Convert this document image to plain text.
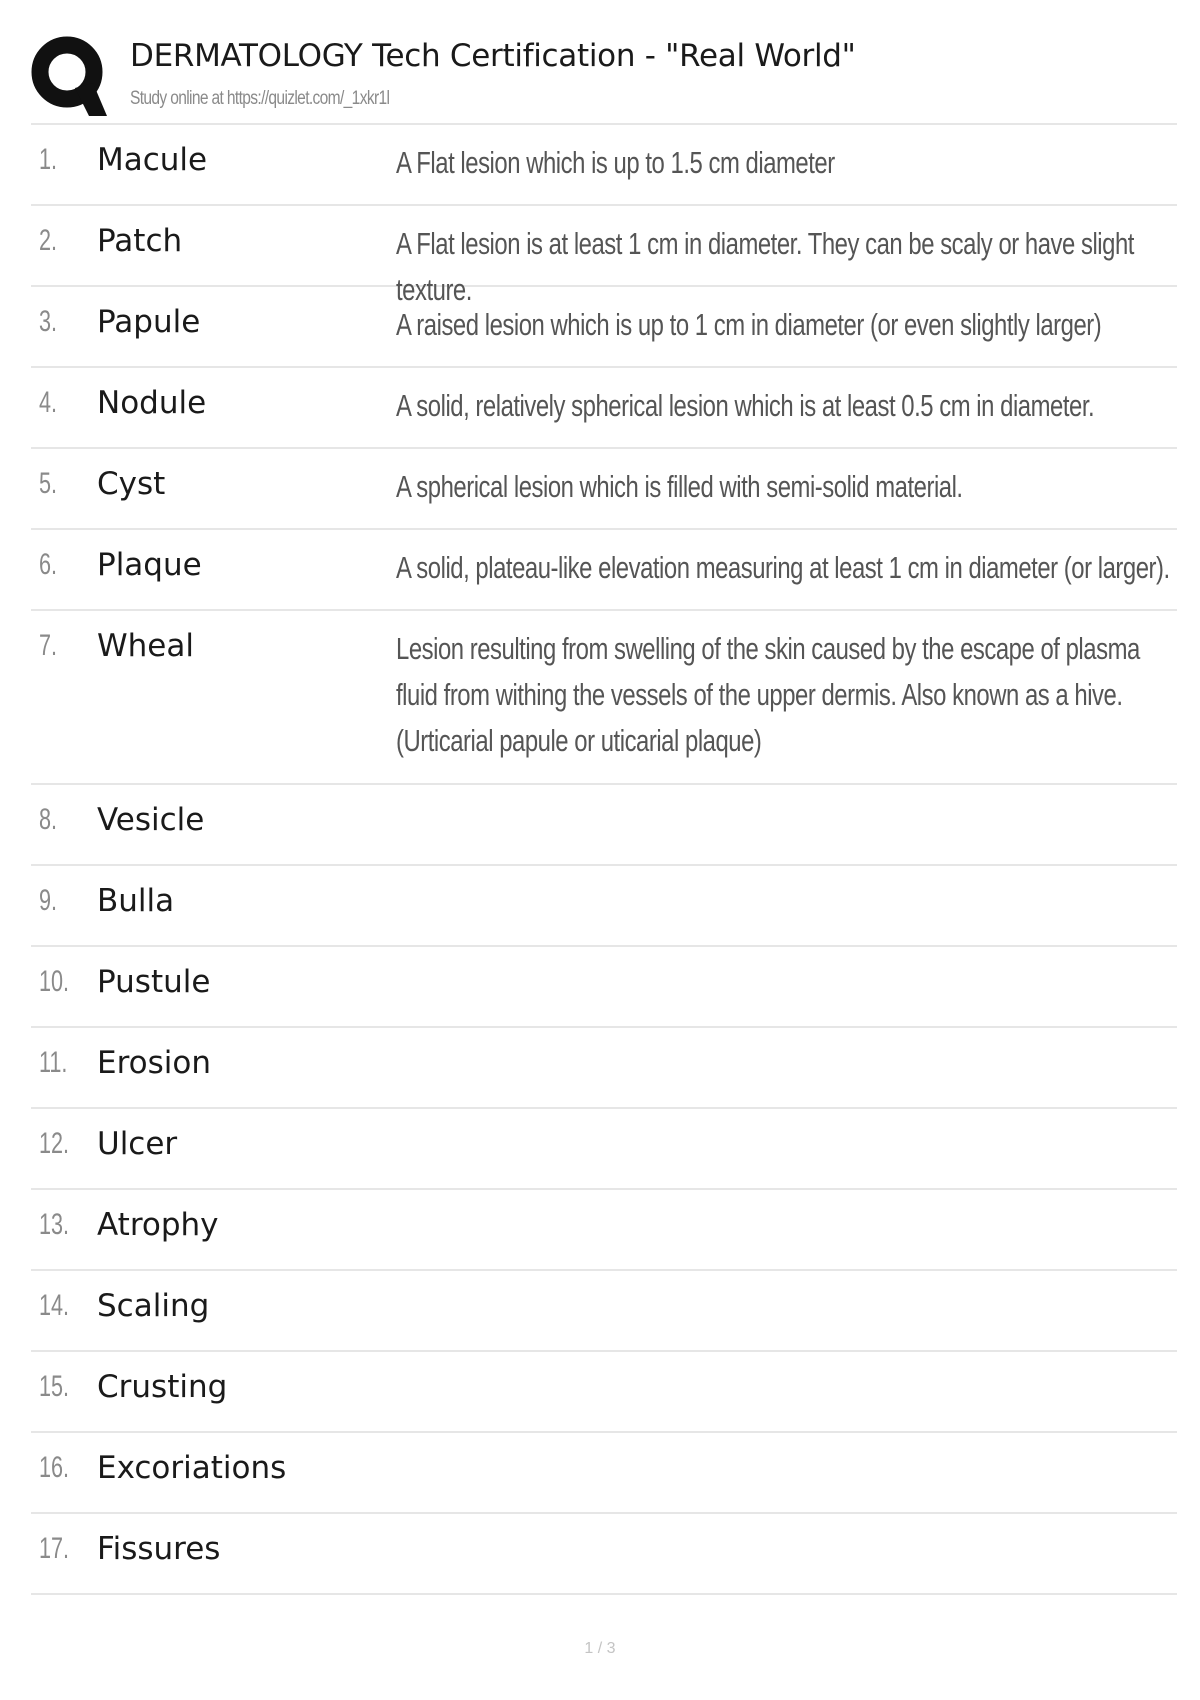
DERMATOLOGY Tech Certification - "Real World"
Study online at https://quizlet.com/_1xkr1l
1. Macule	A Flat lesion which is up to 1.5 cm diameter
2. Patch	A Flat lesion is at least 1 cm in diameter. They can be scaly or have slight texture.
3. Papule	A raised lesion which is up to 1 cm in diameter (or even slightly larger)
4. Nodule	A solid, relatively spherical lesion which is at least 0.5 cm in diameter.
5. Cyst	A spherical lesion which is filled with semi-solid material.
6. Plaque	A solid, plateau-like elevation measuring at least 1 cm in diameter (or larger).
7. Wheal	Lesion resulting from swelling of the skin caused by the escape of plasma fluid from withing the vessels of the upper dermis. Also known as a hive. (Urticarial papule or uticarial plaque)
8. Vesicle
9. Bulla
10. Pustule
11. Erosion
12. Ulcer
13. Atrophy
14. Scaling
15. Crusting
16. Excoriations
17. Fissures
1 / 3
